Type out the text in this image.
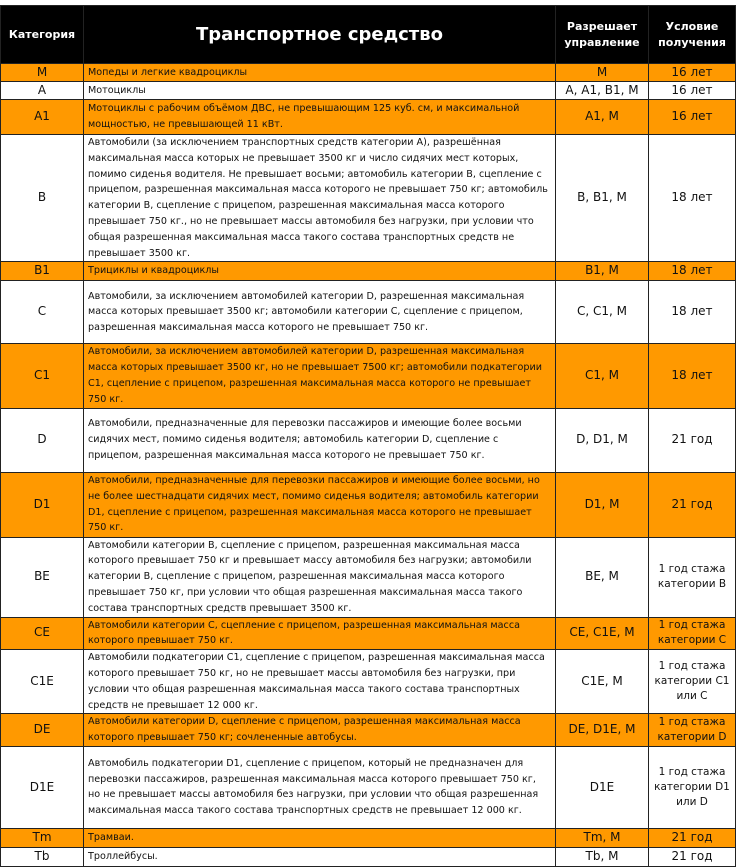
Категория	Транспортное средство	Разрешает управление	Условие получения
M	Мопеды и легкие квадроциклы	M	16 лет
A	Мотоциклы	A, A1, B1, M	16 лет
A1	Мотоциклы с рабочим объёмом ДВС, не превышающим 125 куб. см, и максимальной мощностью, не превышающей 11 кВт.	A1, M	16 лет
B	Автомобили (за исключением транспортных средств категории A), разрешённая максимальная масса которых не превышает 3500 кг и число сидячих мест которых, помимо сиденья водителя. Не превышает восьми; автомобиль категории B, сцепление с прицепом, разрешенная максимальная масса которого не превышает 750 кг; автомобиль категории B, сцепление с прицепом, разрешенная максимальная масса которого превышает 750 кг., но не превышает массы автомобиля без нагрузки, при условии что общая разрешенная максимальная масса такого состава транспортных средств не превышает 3500 кг.	B, B1, M	18 лет
B1	Трициклы и квадроциклы	B1, M	18 лет
C	Автомобили, за исключением автомобилей категории D, разрешенная максимальная масса которых превышает 3500 кг; автомобили категории C, сцепление с прицепом, разрешенная максимальная масса которого не превышает 750 кг.	C, C1, M	18 лет
C1	Автомобили, за исключением автомобилей категории D, разрешенная максимальная масса которых превышает 3500 кг, но не превышает 7500 кг; автомобили подкатегории C1, сцепление с прицепом, разрешенная максимальная масса которого не превышает 750 кг.	C1, M	18 лет
D	Автомобили, предназначенные для перевозки пассажиров и имеющие более восьми сидячих мест, помимо сиденья водителя; автомобиль категории D, сцепление с прицепом, разрешенная максимальная масса которого не превышает 750 кг.	D, D1, M	21 год
D1	Автомобили, предназначенные для перевозки пассажиров и имеющие более восьми, но не более шестнадцати сидячих мест, помимо сиденья водителя; автомобиль категории D1, сцепление с прицепом, разрешенная максимальная масса которого не превышает 750 кг.	D1, M	21 год
BE	Автомобили категории B, сцепление с прицепом, разрешенная максимальная масса которого превышает 750 кг и превышает массу автомобиля без нагрузки; автомобили категории B, сцепление с прицепом, разрешенная максимальная масса которого превышает 750 кг, при условии что общая разрешенная максимальная масса такого состава транспортных средств превышает 3500 кг.	BE, M	1 год стажа категории B
CE	Автомобили категории C, сцепление с прицепом, разрешенная максимальная масса которого превышает 750 кг.	CE, C1E, M	1 год стажа категории C
C1E	Автомобили подкатегории C1, сцепление с прицепом, разрешенная максимальная масса которого превышает 750 кг, но не превышает массы автомобиля без нагрузки, при условии что общая разрешенная максимальная масса такого состава транспортных средств не превышает 12 000 кг.	C1E, M	1 год стажа категории C1 или C
DE	Автомобили категории D, сцепление с прицепом, разрешенная максимальная масса которого превышает 750 кг; сочлененные автобусы.	DE, D1E, M	1 год стажа категории D
D1E	Автомобиль подкатегории D1, сцепление с прицепом, который не предназначен для перевозки пассажиров, разрешенная максимальная масса которого превышает 750 кг, но не превышает массы автомобиля без нагрузки, при условии что общая разрешенная максимальная масса такого состава транспортных средств не превышает 12 000 кг.	D1E	1 год стажа категории D1 или D
Tm	Трамваи.	Tm, M	21 год
Tb	Троллейбусы.	Tb, M	21 год
